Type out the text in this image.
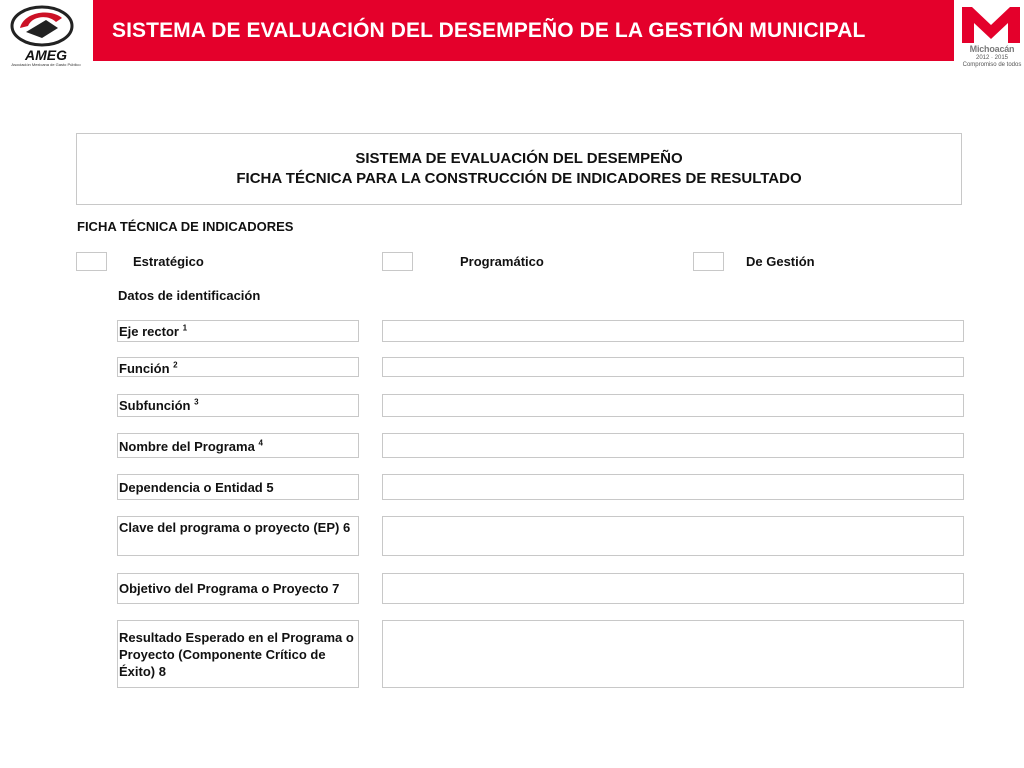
SISTEMA DE EVALUACIÓN DEL DESEMPEÑO DE LA GESTIÓN MUNICIPAL
AMEG
Asociación Mexicana de Gasto Público
Michoacán
2012 · 2015
Compromiso de todos
SISTEMA DE EVALUACIÓN DEL DESEMPEÑO
FICHA TÉCNICA PARA LA CONSTRUCCIÓN DE INDICADORES DE RESULTADO
FICHA TÉCNICA DE INDICADORES
Estratégico	Programático	De Gestión
Datos de identificación
Eje rector $^1$
Función $^2$
Subfunción $^3$
Nombre del Programa $^4$
Dependencia o Entidad 5
Clave del programa o proyecto (EP) 6
Objetivo del Programa o Proyecto 7
Resultado Esperado en el Programa o Proyecto (Componente Crítico de Éxito) 8
